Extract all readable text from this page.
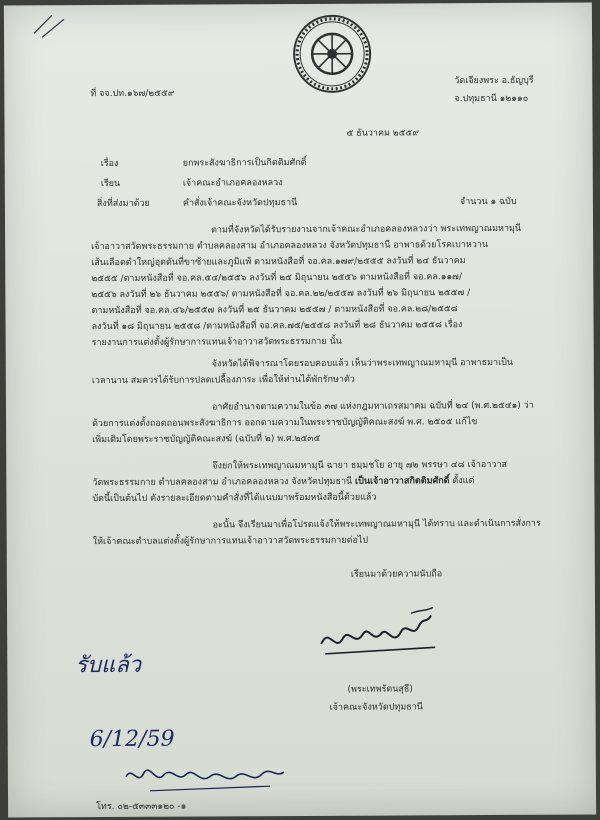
ที่ จจ.ปท.๑๖๗/๒๕๕๙
วัดเจียงพระ อ.ธัญบุรี
จ.ปทุมธานี ๑๒๑๑๐
๕ ธันวาคม ๒๕๕๙
เรื่อง	ยกพระสังฆาธิการเป็นกิตติมศักดิ์
เรียน	เจ้าคณะอำเภอคลองหลวง
สิ่งที่ส่งมาด้วย	คำสั่งเจ้าคณะจังหวัดปทุมธานี	จำนวน ๑ ฉบับ
ตามที่จังหวัดได้รับรายงานจากเจ้าคณะอำเภอคลองหลวงว่า พระเทพญาณมหามุนี
เจ้าอาวาสวัดพระธรรมกาย ตำบลคลองสาม อำเภอคลองหลวง จังหวัดปทุมธานี อาพาธด้วยโรคเบาหวาน
เส้นเลือดดำใหญ่อุดตันที่ขาซ้ายและภูมิแพ้ ตามหนังสือที่ จอ.คล.๑๗๙/๒๕๕๕ ลงวันที่ ๒๔ ธันวาคม
๒๕๕๕ /ตามหนังสือที่ จอ.คล.๕๔/๒๕๕๖ ลงวันที่ ๒๕ มิถุนายน ๒๕๕๖ ตามหนังสือที่ จอ.คล.๑๑๗/
๒๕๕๖ ลงวันที่ ๒๖ ธันวาคม ๒๕๕๖/ ตามหนังสือที่ จอ.คล.๒๒/๒๕๕๗ ลงวันที่ ๒๖ มิถุนายน ๒๕๕๗ /
ตามหนังสือที่ จอ.คล.๔๖/๒๕๕๗ ลงวันที่ ๒๕ ธันวาคม ๒๕๕๗ / ตามหนังสือที่ จอ.คล.๒๘/๒๕๕๘
ลงวันที่ ๑๘ มิถุนายน ๒๕๕๘ /ตามหนังสือที่ จอ.คล.๗๕/๒๕๕๘ ลงวันที่ ๒๘ ธันวาคม ๒๕๕๘ เรื่อง
รายงานการแต่งตั้งผู้รักษาการแทนเจ้าอาวาสวัดพระธรรมกาย นั้น
จังหวัดได้พิจารณาโดยรอบคอบแล้ว เห็นว่าพระเทพญาณมหามุนี อาพาธมาเป็น
เวลานาน สมควรได้รับการปลดเปลื้องภาระ เพื่อให้ท่านได้พักรักษาตัว
อาศัยอำนาจตามความในข้อ ๓๗ แห่งกฎมหาเถรสมาคม ฉบับที่ ๒๔ (พ.ศ.๒๕๔๑) ว่า
ด้วยการแต่งตั้งถอดถอนพระสังฆาธิการ ออกตามความในพระราชบัญญัติคณะสงฆ์ พ.ศ. ๒๕๐๕ แก้ไข
เพิ่มเติมโดยพระราชบัญญัติคณะสงฆ์ (ฉบับที่ ๒) พ.ศ.๒๕๓๕
จึงยกให้พระเทพญาณมหามุนี ฉายา ธมฺมชโย อายุ ๗๒ พรรษา ๔๘ เจ้าอาวาส
วัดพระธรรมกาย ตำบลคลองสาม อำเภอคลองหลวง จังหวัดปทุมธานี เป็นเจ้าอาวาสกิตติมศักดิ์ ตั้งแต่
บัดนี้เป็นต้นไป ดังรายละเอียดตามคำสั่งที่ได้แนบมาพร้อมหนังสือนี้ด้วยแล้ว
อะนั้น จึงเรียนมาเพื่อโปรดแจ้งให้พระเทพญาณมหามุนี ได้ทราบ และดำเนินการสั่งการ
ให้เจ้าคณะตำบลแต่งตั้งผู้รักษาการแทนเจ้าอาวาสวัดพระธรรมกายต่อไป
เรียนมาด้วยความนับถือ
(พระเทพรัตนสุธี)
เจ้าคณะจังหวัดปทุมธานี
รับแล้ว
6/12/59
โทร. ๐๒-๕๓๓๓๑๒๐ -๑
